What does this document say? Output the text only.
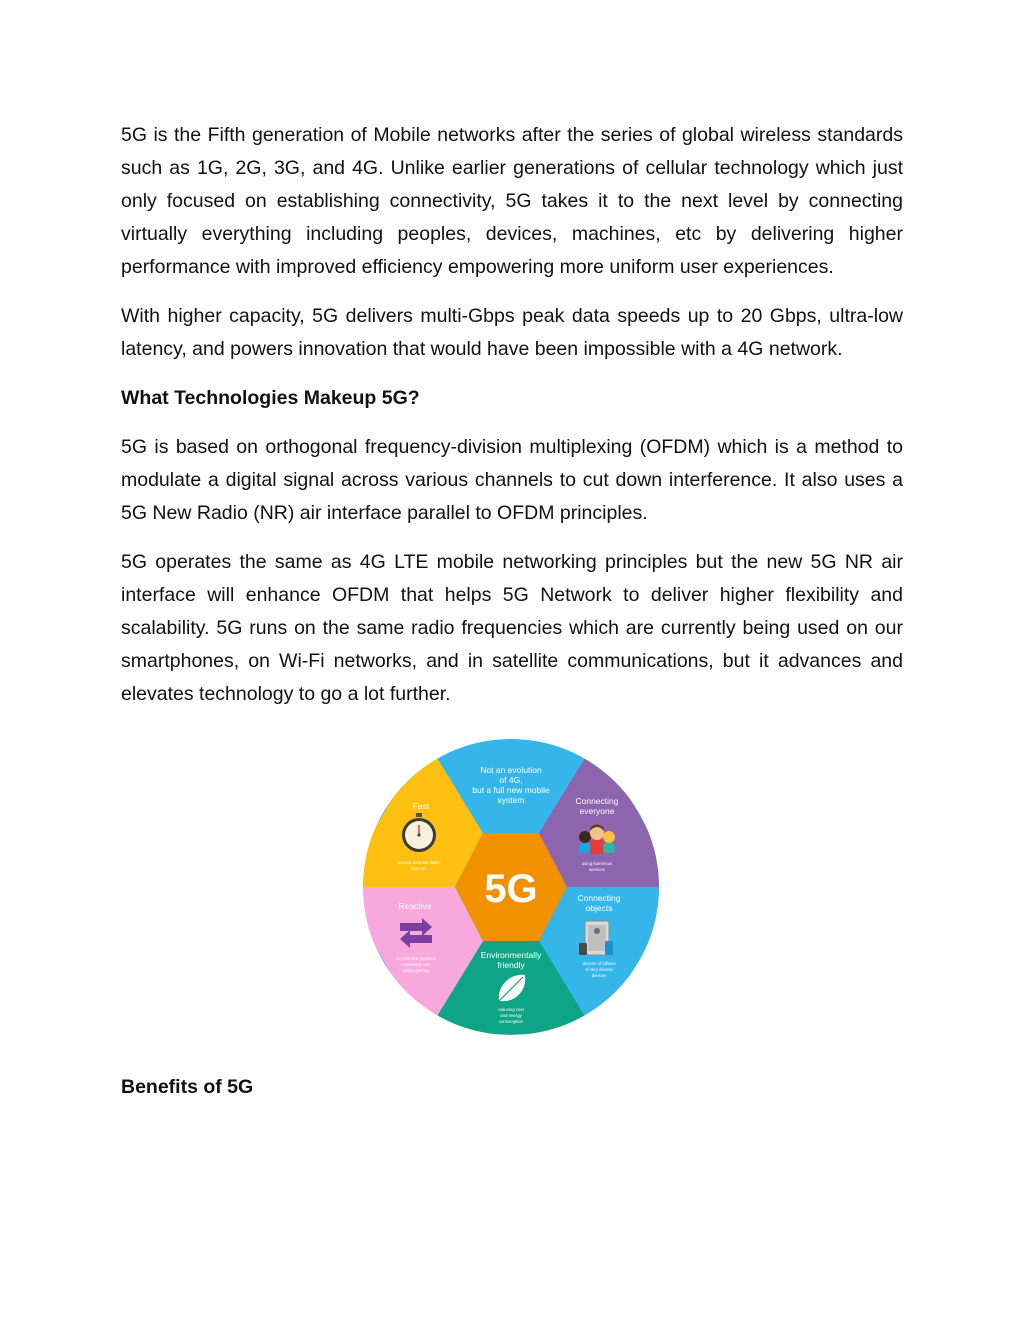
5G is the Fifth generation of Mobile networks after the series of global wireless standards such as 1G, 2G, 3G, and 4G. Unlike earlier generations of cellular technology which just only focused on establishing connectivity, 5G takes it to the next level by connecting virtually everything including peoples, devices, machines, etc by delivering higher performance with improved efficiency empowering more uniform user experiences.

With higher capacity, 5G delivers multi-Gbps peak data speeds up to 20 Gbps, ultra-low latency, and powers innovation that would have been impossible with a 4G network.

What Technologies Makeup 5G?

5G is based on orthogonal frequency-division multiplexing (OFDM) which is a method to modulate a digital signal across various channels to cut down interference. It also uses a 5G New Radio (NR) air interface parallel to OFDM principles.

5G operates the same as 4G LTE mobile networking principles but the new 5G NR air interface will enhance OFDM that helps 5G Network to deliver higher flexibility and scalability. 5G runs on the same radio frequencies which are currently being used on our smartphones, on Wi-Fi networks, and in satellite communications, but it advances and elevates technology to go a lot further.

5G
Not an evolution
of 4G,
but a full new mobile
system	Connecting
everyone
using numerous
services
Connecting
objects
dozens of billions
of very diverse
devices
Environmentally
friendly
reducing cost
and energy
consumption
Reactive
for real time services
connected cars
online gaming
Fast
access 10 times faster
than 4G

Benefits of 5G
